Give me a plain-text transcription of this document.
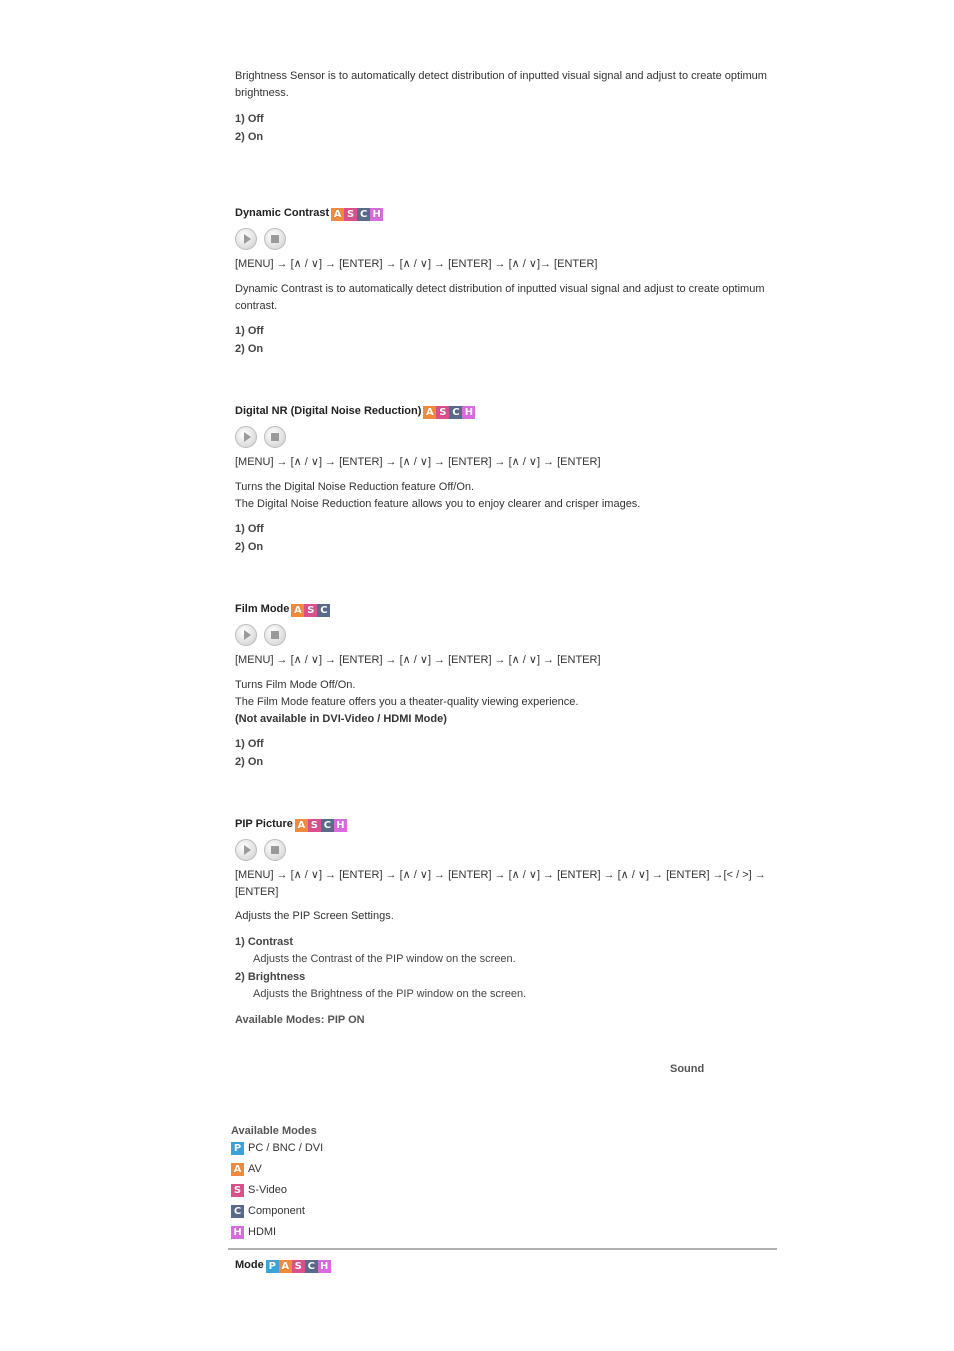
Brightness Sensor is to automatically detect distribution of inputted visual signal and adjust to create optimum brightness.

1) Off
2) On
Dynamic Contrast A S C H

[MENU] → [∧ / ∨] → [ENTER] → [∧ / ∨] → [ENTER] → [∧ / ∨]→ [ENTER]

Dynamic Contrast is to automatically detect distribution of inputted visual signal and adjust to create optimum contrast.

1) Off
2) On
Digital NR (Digital Noise Reduction) A S C H

[MENU] → [∧ / ∨] → [ENTER] → [∧ / ∨] → [ENTER] → [∧ / ∨] → [ENTER]

Turns the Digital Noise Reduction feature Off/On.

The Digital Noise Reduction feature allows you to enjoy clearer and crisper images.

1) Off
2) On
Film Mode A S C

[MENU] → [∧ / ∨] → [ENTER] → [∧ / ∨] → [ENTER] → [∧ / ∨] → [ENTER]

Turns Film Mode Off/On.

The Film Mode feature offers you a theater-quality viewing experience.

(Not available in DVI-Video / HDMI Mode)

1) Off
2) On
PIP Picture A S C H

[MENU] → [∧ / ∨] → [ENTER] → [∧ / ∨] → [ENTER] → [∧ / ∨] → [ENTER] → [∧ / ∨] → [ENTER] →[< / >] → [ENTER]

Adjusts the PIP Screen Settings.

1) Contrast
Adjusts the Contrast of the PIP window on the screen.
2) Brightness
Adjusts the Brightness of the PIP window on the screen.
Available Modes: PIP ON
Sound
Available Modes
P PC / BNC / DVI
A AV
S S-Video
C Component
H HDMI
Mode P A S C H
